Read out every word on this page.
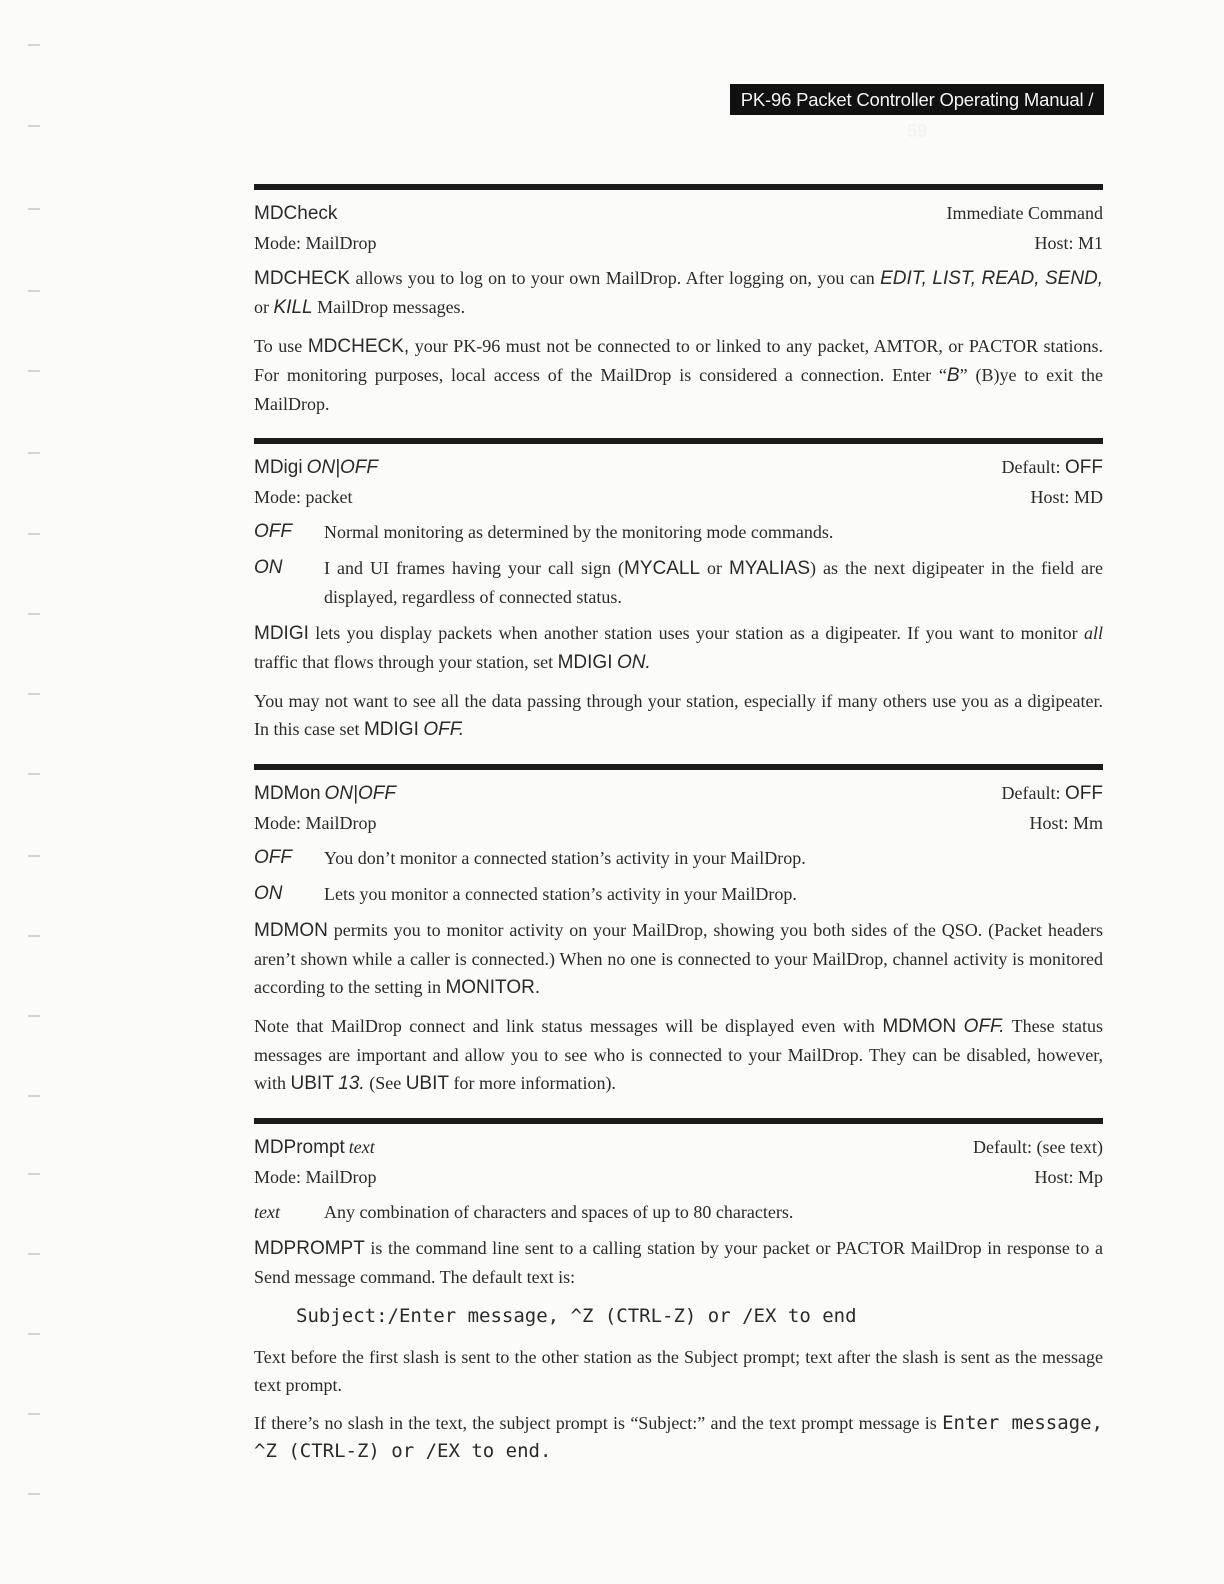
PK-96 Packet Controller Operating Manual / 59
MDCheck	Immediate Command
Mode: MailDrop	Host: M1

MDCHECK allows you to log on to your own MailDrop. After logging on, you can EDIT, LIST, READ, SEND, or KILL MailDrop messages.

To use MDCHECK, your PK-96 must not be connected to or linked to any packet, AMTOR, or PACTOR stations. For monitoring purposes, local access of the MailDrop is considered a connection. Enter “B” (B)ye to exit the MailDrop.

MDigi ON|OFF	Default: OFF
Mode: packet	Host: MD
OFF	Normal monitoring as determined by the monitoring mode commands.
ON	I and UI frames having your call sign (MYCALL or MYALIAS) as the next digipeater in the field are displayed, regardless of connected status.

MDIGI lets you display packets when another station uses your station as a digipeater. If you want to monitor all traffic that flows through your station, set MDIGI ON.

You may not want to see all the data passing through your station, especially if many others use you as a digipeater. In this case set MDIGI OFF.

MDMon ON|OFF	Default: OFF
Mode: MailDrop	Host: Mm
OFF	You don’t monitor a connected station’s activity in your MailDrop.
ON	Lets you monitor a connected station’s activity in your MailDrop.

MDMON permits you to monitor activity on your MailDrop, showing you both sides of the QSO. (Packet headers aren’t shown while a caller is connected.) When no one is connected to your MailDrop, channel activity is monitored according to the setting in MONITOR.

Note that MailDrop connect and link status messages will be displayed even with MDMON OFF. These status messages are important and allow you to see who is connected to your MailDrop. They can be disabled, however, with UBIT 13. (See UBIT for more information).

MDPrompt text	Default: (see text)
Mode: MailDrop	Host: Mp
text	Any combination of characters and spaces of up to 80 characters.

MDPROMPT is the command line sent to a calling station by your packet or PACTOR MailDrop in response to a Send message command. The default text is:

Subject:/Enter message, ^Z (CTRL-Z) or /EX to end

Text before the first slash is sent to the other station as the Subject prompt; text after the slash is sent as the message text prompt.

If there’s no slash in the text, the subject prompt is “Subject:” and the text prompt message is Enter message, ^Z (CTRL-Z) or /EX to end.
